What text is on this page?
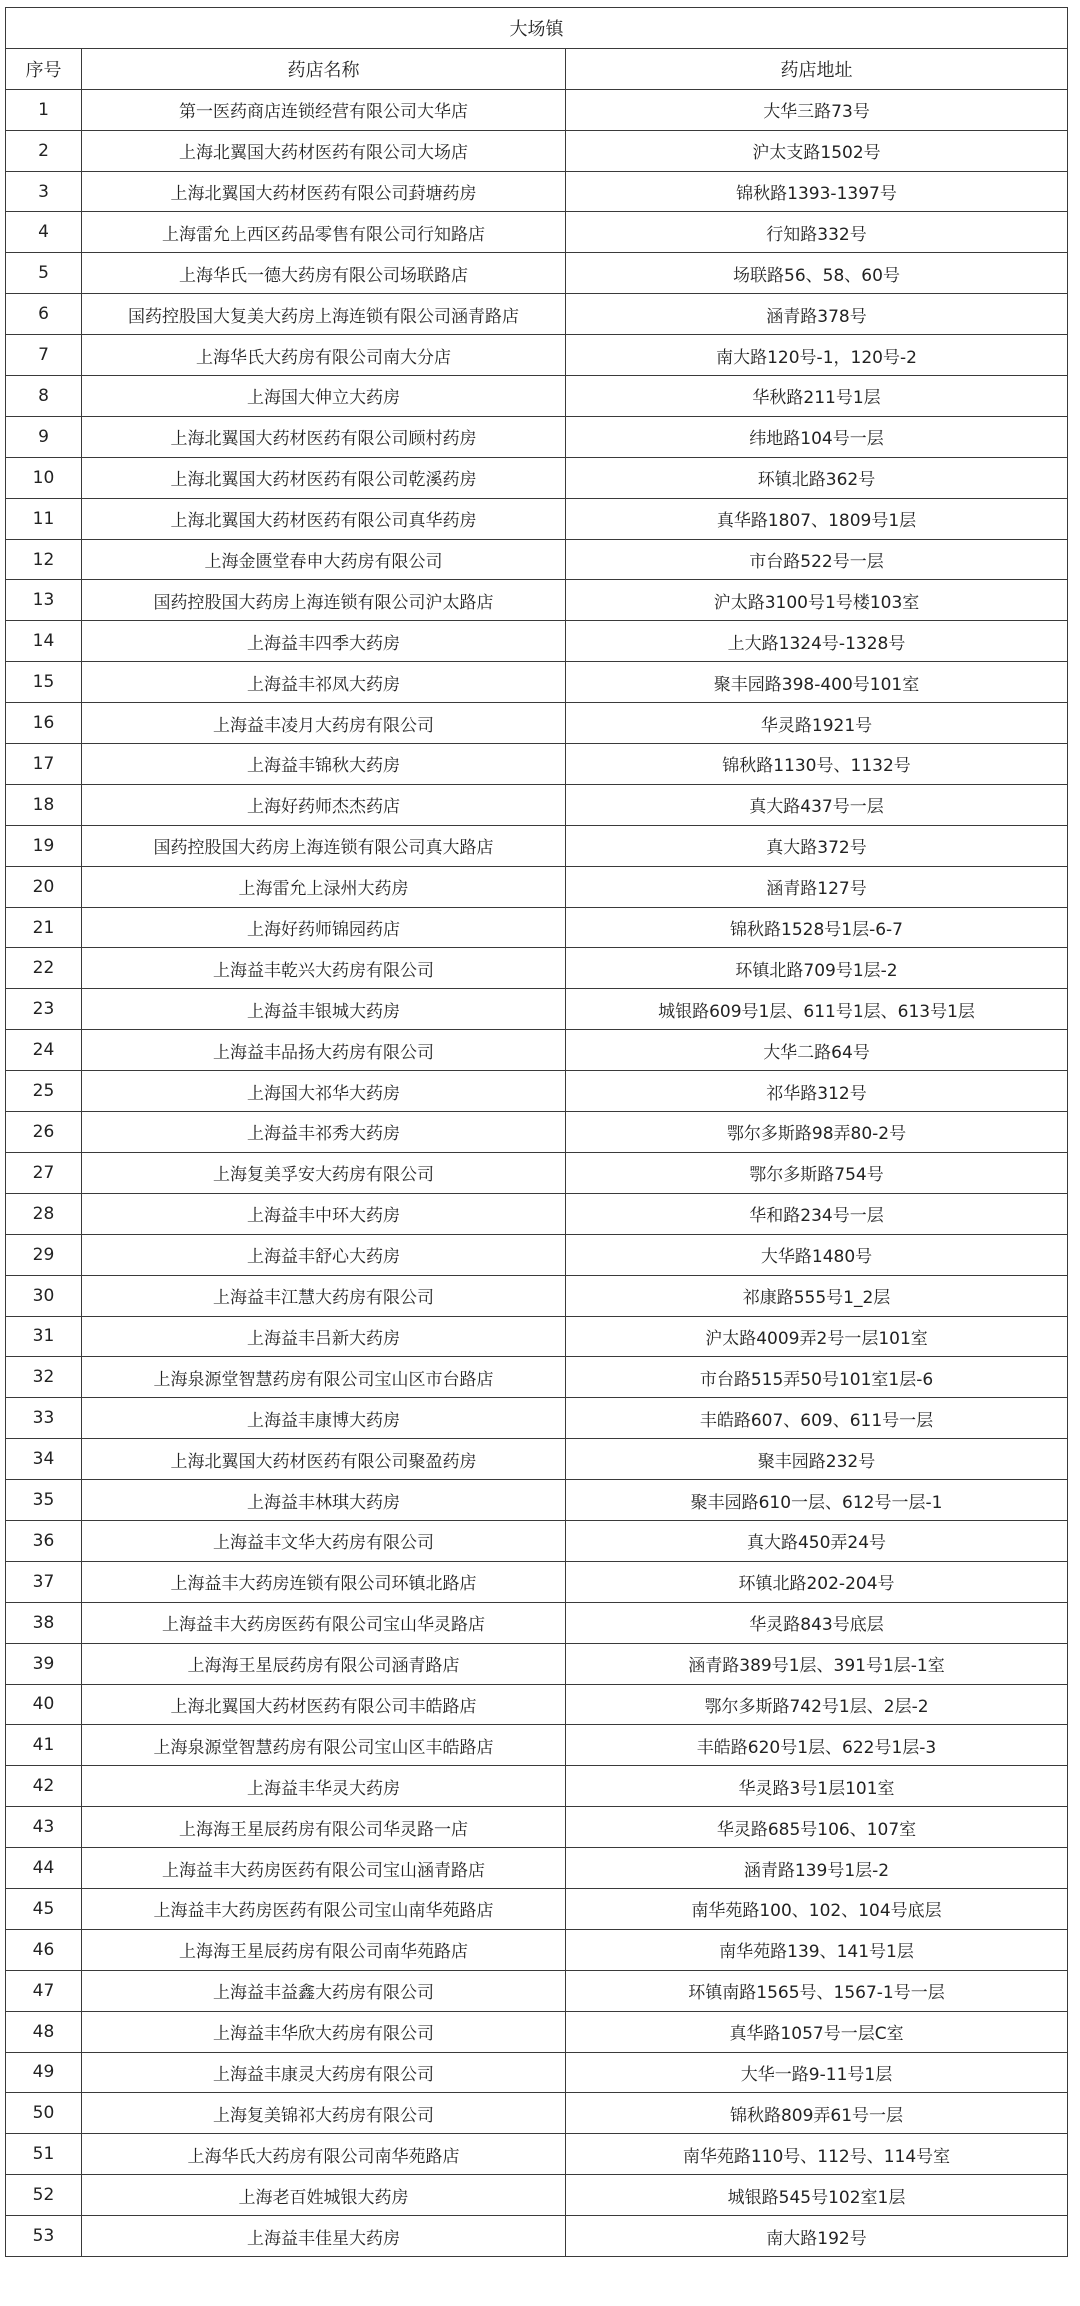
大场镇		
序号	药店名称	药店地址
1	第一医药商店连锁经营有限公司大华店	大华三路73号
2	上海北翼国大药材医药有限公司大场店	沪太支路1502号
3	上海北翼国大药材医药有限公司葑塘药房	锦秋路1393-1397号
4	上海雷允上西区药品零售有限公司行知路店	行知路332号
5	上海华氏一德大药房有限公司场联路店	场联路56、58、60号
6	国药控股国大复美大药房上海连锁有限公司涵青路店	涵青路378号
7	上海华氏大药房有限公司南大分店	南大路120号-1，120号-2
8	上海国大伸立大药房	华秋路211号1层
9	上海北翼国大药材医药有限公司顾村药房	纬地路104号一层
10	上海北翼国大药材医药有限公司乾溪药房	环镇北路362号
11	上海北翼国大药材医药有限公司真华药房	真华路1807、1809号1层
12	上海金匮堂春申大药房有限公司	市台路522号一层
13	国药控股国大药房上海连锁有限公司沪太路店	沪太路3100号1号楼103室
14	上海益丰四季大药房	上大路1324号-1328号
15	上海益丰祁凤大药房	聚丰园路398-400号101室
16	上海益丰凌月大药房有限公司	华灵路1921号
17	上海益丰锦秋大药房	锦秋路1130号、1132号
18	上海好药师杰杰药店	真大路437号一层
19	国药控股国大药房上海连锁有限公司真大路店	真大路372号
20	上海雷允上渌州大药房	涵青路127号
21	上海好药师锦园药店	锦秋路1528号1层-6-7
22	上海益丰乾兴大药房有限公司	环镇北路709号1层-2
23	上海益丰银城大药房	城银路609号1层、611号1层、613号1层
24	上海益丰品扬大药房有限公司	大华二路64号
25	上海国大祁华大药房	祁华路312号
26	上海益丰祁秀大药房	鄂尔多斯路98弄80-2号
27	上海复美孚安大药房有限公司	鄂尔多斯路754号
28	上海益丰中环大药房	华和路234号一层
29	上海益丰舒心大药房	大华路1480号
30	上海益丰江慧大药房有限公司	祁康路555号1_2层
31	上海益丰吕新大药房	沪太路4009弄2号一层101室
32	上海泉源堂智慧药房有限公司宝山区市台路店	市台路515弄50号101室1层-6
33	上海益丰康博大药房	丰皓路607、609、611号一层
34	上海北翼国大药材医药有限公司聚盈药房	聚丰园路232号
35	上海益丰林琪大药房	聚丰园路610一层、612号一层-1
36	上海益丰文华大药房有限公司	真大路450弄24号
37	上海益丰大药房连锁有限公司环镇北路店	环镇北路202-204号
38	上海益丰大药房医药有限公司宝山华灵路店	华灵路843号底层
39	上海海王星辰药房有限公司涵青路店	涵青路389号1层、391号1层-1室
40	上海北翼国大药材医药有限公司丰皓路店	鄂尔多斯路742号1层、2层-2
41	上海泉源堂智慧药房有限公司宝山区丰皓路店	丰皓路620号1层、622号1层-3
42	上海益丰华灵大药房	华灵路3号1层101室
43	上海海王星辰药房有限公司华灵路一店	华灵路685号106、107室
44	上海益丰大药房医药有限公司宝山涵青路店	涵青路139号1层-2
45	上海益丰大药房医药有限公司宝山南华苑路店	南华苑路100、102、104号底层
46	上海海王星辰药房有限公司南华苑路店	南华苑路139、141号1层
47	上海益丰益鑫大药房有限公司	环镇南路1565号、1567-1号一层
48	上海益丰华欣大药房有限公司	真华路1057号一层C室
49	上海益丰康灵大药房有限公司	大华一路9-11号1层
50	上海复美锦祁大药房有限公司	锦秋路809弄61号一层
51	上海华氏大药房有限公司南华苑路店	南华苑路110号、112号、114号室
52	上海老百姓城银大药房	城银路545号102室1层
53	上海益丰佳星大药房	南大路192号
